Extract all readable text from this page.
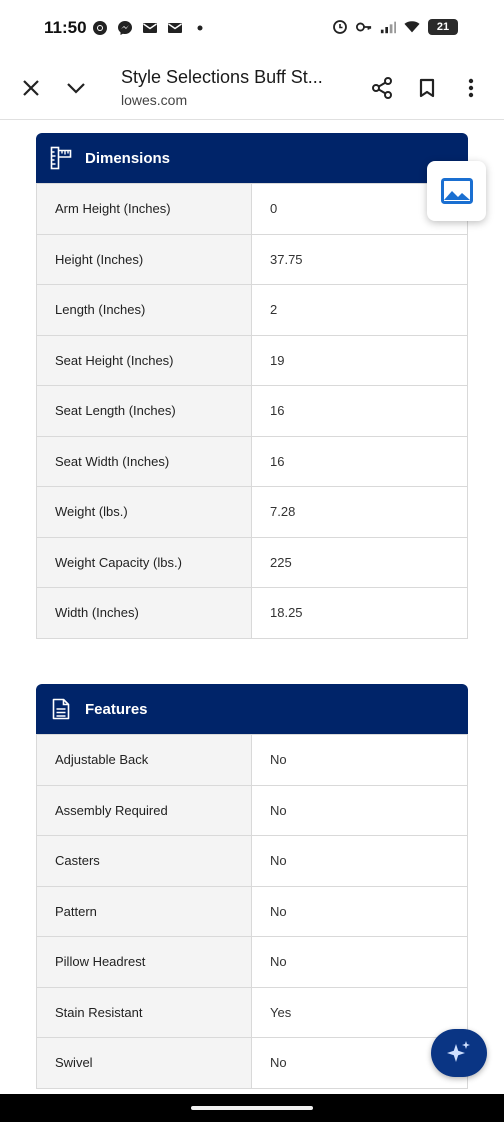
11:50	21
Style Selections Buff St...
lowes.com
Dimensions
Arm Height (Inches)	0
Height (Inches)	37.75
Length (Inches)	2
Seat Height (Inches)	19
Seat Length (Inches)	16
Seat Width (Inches)	16
Weight (lbs.)	7.28
Weight Capacity (lbs.)	225
Width (Inches)	18.25
Features
Adjustable Back	No
Assembly Required	No
Casters	No
Pattern	No
Pillow Headrest	No
Stain Resistant	Yes
Swivel	No
